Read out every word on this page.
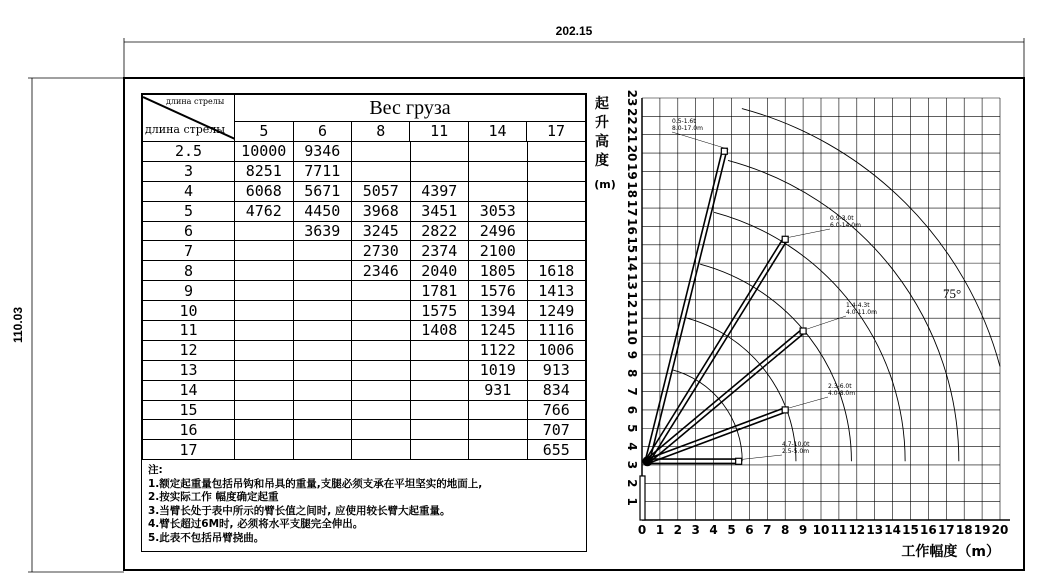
202.15
110.03
0 1 2 3 4 5 6 7 8 9 10 11 12 13 14 15 16 17 18 19 20
1
2
3
4
5
6
7
8
9
10
11
12
13
14
15
16
17
18
19
20
21
22
23
起
升
高
度
(m)
工作幅度（m）
75°
0.5-1.6t
8.0-17.0m
0.9-3.0t
6.0-14.0m
1.4-4.3t
4.0-11.0m
2.3-6.0t
4.0-8.0m
4.7-10.0t
2.5-5.0m
длина стрелы
длина стрелы

Вес груза
5	6	8	11	14	17

2.5	10000	9346				
3	8251	7711				
4	6068	5671	5057	4397		
5	4762	4450	3968	3451	3053	
6		3639	3245	2822	2496	
7			2730	2374	2100	
8			2346	2040	1805	1618
9				1781	1576	1413
10				1575	1394	1249
11				1408	1245	1116
12					1122	1006
13					1019	913
14					931	834
15						766
16						707
17						655
注:
1.额定起重量包括吊钩和吊具的重量,支腿必须支承在平坦坚实的地面上,
2.按实际工作 幅度确定起重
3.当臂长处于表中所示的臂长值之间时, 应使用较长臂大起重量。
4.臂长超过6M时, 必须将水平支腿完全伸出。
5.此表不包括吊臂挠曲。
